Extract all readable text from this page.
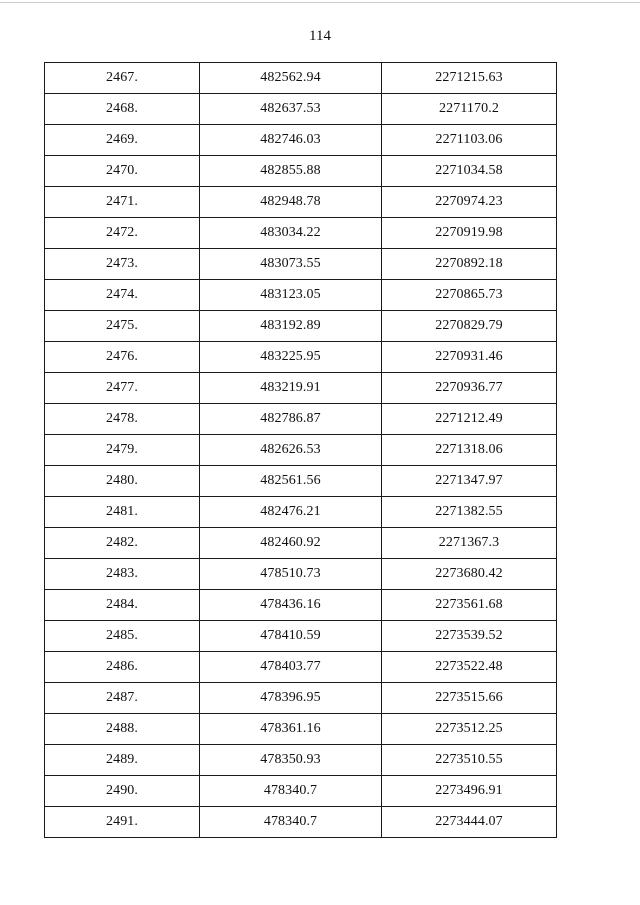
114
2467.	482562.94	2271215.63
2468.	482637.53	2271170.2
2469.	482746.03	2271103.06
2470.	482855.88	2271034.58
2471.	482948.78	2270974.23
2472.	483034.22	2270919.98
2473.	483073.55	2270892.18
2474.	483123.05	2270865.73
2475.	483192.89	2270829.79
2476.	483225.95	2270931.46
2477.	483219.91	2270936.77
2478.	482786.87	2271212.49
2479.	482626.53	2271318.06
2480.	482561.56	2271347.97
2481.	482476.21	2271382.55
2482.	482460.92	2271367.3
2483.	478510.73	2273680.42
2484.	478436.16	2273561.68
2485.	478410.59	2273539.52
2486.	478403.77	2273522.48
2487.	478396.95	2273515.66
2488.	478361.16	2273512.25
2489.	478350.93	2273510.55
2490.	478340.7	2273496.91
2491.	478340.7	2273444.07
